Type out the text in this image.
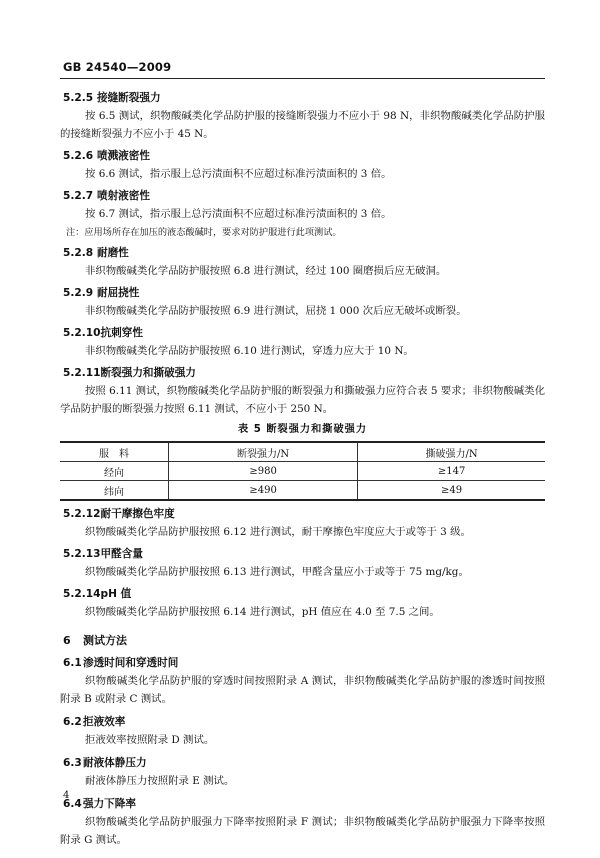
GB 24540—2009
5.2.5 接缝断裂强力
按 6.5 测试，织物酸碱类化学品防护服的接缝断裂强力不应小于 98 N，非织物酸碱类化学品防护服的接缝断裂强力不应小于 45 N。
5.2.6 喷溅液密性
按 6.6 测试，指示服上总污渍面积不应超过标准污渍面积的 3 倍。
5.2.7 喷射液密性
按 6.7 测试，指示服上总污渍面积不应超过标准污渍面积的 3 倍。
注：应用场所存在加压的液态酸碱时，要求对防护服进行此项测试。
5.2.8 耐磨性
非织物酸碱类化学品防护服按照 6.8 进行测试，经过 100 圈磨损后应无破洞。
5.2.9 耐屈挠性
非织物酸碱类化学品防护服按照 6.9 进行测试，屈挠 1 000 次后应无破坏或断裂。
5.2.10抗刺穿性
非织物酸碱类化学品防护服按照 6.10 进行测试，穿透力应大于 10 N。
5.2.11断裂强力和撕破强力
按照 6.11 测试，织物酸碱类化学品防护服的断裂强力和撕破强力应符合表 5 要求；非织物酸碱类化学品防护服的断裂强力按照 6.11 测试，不应小于 250 N。
表 5 断裂强力和撕破强力
服　料	断裂强力/N	撕破强力/N
经向	≥980	≥147
纬向	≥490	≥49
5.2.12耐干摩擦色牢度
织物酸碱类化学品防护服按照 6.12 进行测试，耐干摩擦色牢度应大于或等于 3 级。
5.2.13甲醛含量
织物酸碱类化学品防护服按照 6.13 进行测试，甲醛含量应小于或等于 75 mg/kg。
5.2.14pH 值
织物酸碱类化学品防护服按照 6.14 进行测试，pH 值应在 4.0 至 7.5 之间。
6 测试方法
6.1渗透时间和穿透时间
织物酸碱类化学品防护服的穿透时间按照附录 A 测试，非织物酸碱类化学品防护服的渗透时间按照附录 B 或附录 C 测试。
6.2拒液效率
拒液效率按照附录 D 测试。
6.3耐液体静压力
耐液体静压力按照附录 E 测试。
6.4强力下降率
织物酸碱类化学品防护服强力下降率按照附录 F 测试；非织物酸碱类化学品防护服强力下降率按照附录 G 测试。
4
